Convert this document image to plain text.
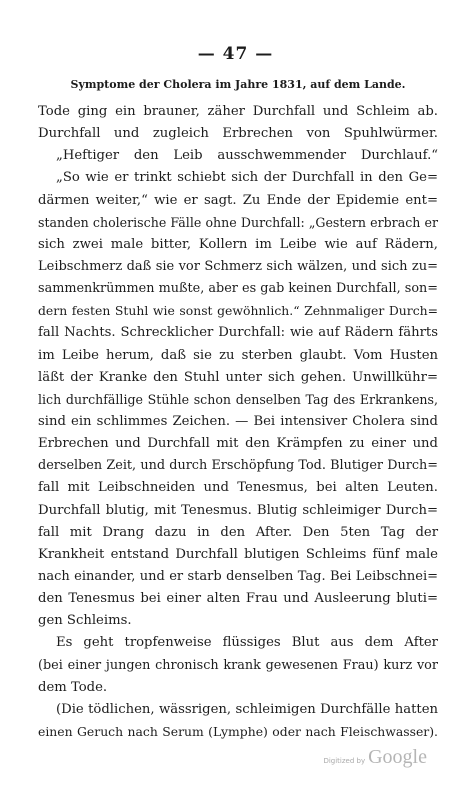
— 47 —
Symptome der Cholera im Jahre 1831, auf dem Lande.
Tode ging ein brauner, zäher Durchfall und Schleim ab.
Durchfall und zugleich Erbrechen von Spuhlwürmer.
„Heftiger den Leib ausschwemmender Durchlauf.“
„So wie er trinkt schiebt sich der Durchfall in den Ge=
därmen weiter,“ wie er sagt. Zu Ende der Epidemie ent=
standen cholerische Fälle ohne Durchfall: „Gestern erbrach er
sich zwei male bitter, Kollern im Leibe wie auf Rädern,
Leibschmerz daß sie vor Schmerz sich wälzen, und sich zu=
sammenkrümmen mußte, aber es gab keinen Durchfall, son=
dern festen Stuhl wie sonst gewöhnlich.“ Zehnmaliger Durch=
fall Nachts. Schrecklicher Durchfall: wie auf Rädern fährts
im Leibe herum, daß sie zu sterben glaubt. Vom Husten
läßt der Kranke den Stuhl unter sich gehen. Unwillkühr=
lich durchfällige Stühle schon denselben Tag des Erkrankens,
sind ein schlimmes Zeichen. — Bei intensiver Cholera sind
Erbrechen und Durchfall mit den Krämpfen zu einer und
derselben Zeit, und durch Erschöpfung Tod. Blutiger Durch=
fall mit Leibschneiden und Tenesmus, bei alten Leuten.
Durchfall blutig, mit Tenesmus. Blutig schleimiger Durch=
fall mit Drang dazu in den After. Den 5ten Tag der
Krankheit entstand Durchfall blutigen Schleims fünf male
nach einander, und er starb denselben Tag. Bei Leibschnei=
den Tenesmus bei einer alten Frau und Ausleerung bluti=
gen Schleims.
Es geht tropfenweise flüssiges Blut aus dem After
(bei einer jungen chronisch krank gewesenen Frau) kurz vor
dem Tode.
(Die tödlichen, wässrigen, schleimigen Durchfälle hatten
einen Geruch nach Serum (Lymphe) oder nach Fleischwasser).
Digitized by Google
